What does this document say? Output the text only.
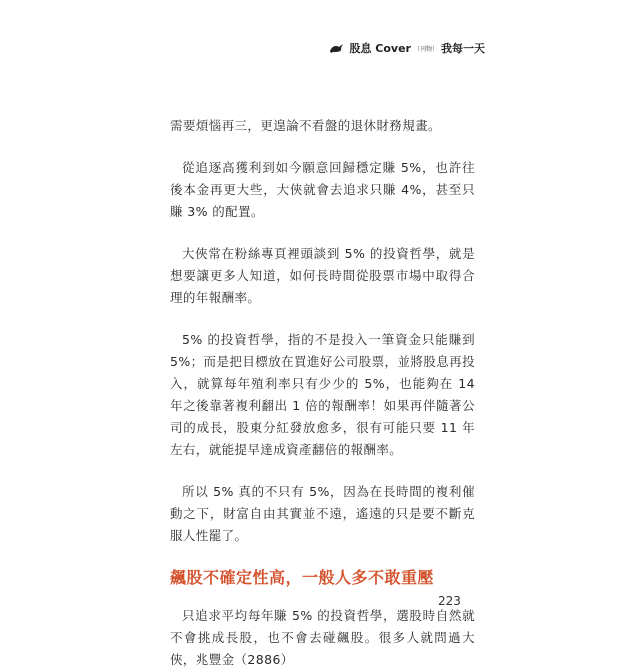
股息 Cover （刊物） 我每一天

需要煩惱再三，更遑論不看盤的退休財務規畫。

從追逐高獲利到如今願意回歸穩定賺 5%，也許往後本金再更大些，大俠就會去追求只賺 4%，甚至只賺 3% 的配置。

大俠常在粉絲專頁裡頭談到 5% 的投資哲學，就是想要讓更多人知道，如何長時間從股票市場中取得合理的年報酬率。

5% 的投資哲學，指的不是投入一筆資金只能賺到 5%；而是把目標放在買進好公司股票，並將股息再投入，就算每年殖利率只有少少的 5%，也能夠在 14 年之後靠著複利翻出 1 倍的報酬率！如果再伴隨著公司的成長，股東分紅發放愈多，很有可能只要 11 年左右，就能提早達成資產翻倍的報酬率。

所以 5% 真的不只有 5%，因為在長時間的複利催動之下，財富自由其實並不遠，遙遠的只是要不斷克服人性罷了。

飆股不確定性高，一般人多不敢重壓

只追求平均每年賺 5% 的投資哲學，選股時自然就不會挑成長股，也不會去碰飆股。很多人就問過大俠，兆豐金（2886）

223
